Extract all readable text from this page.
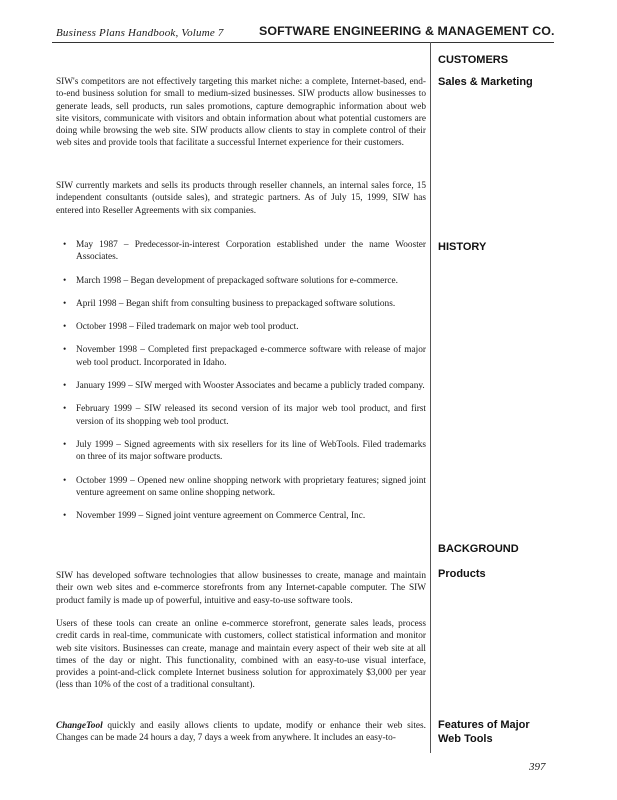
Business Plans Handbook, Volume 7	SOFTWARE ENGINEERING & MANAGEMENT CO.
CUSTOMERS
Sales & Marketing
HISTORY
BACKGROUND
Products
Features of Major
Web Tools

SIW's competitors are not effectively targeting this market niche: a complete, Internet-based, end-to-end business solution for small to medium-sized businesses. SIW products allow businesses to generate leads, sell products, run sales promotions, capture demographic information about web site visitors, communicate with visitors and obtain information about what potential customers are doing while browsing the web site. SIW products allow clients to stay in complete control of their web sites and provide tools that facilitate a successful Internet experience for their customers.

SIW currently markets and sells its products through reseller channels, an internal sales force, 15 independent consultants (outside sales), and strategic partners. As of July 15, 1999, SIW has entered into Reseller Agreements with six companies.

• May 1987 – Predecessor-in-interest Corporation established under the name Wooster Associates.
• March 1998 – Began development of prepackaged software solutions for e-commerce.
• April 1998 – Began shift from consulting business to prepackaged software solutions.
• October 1998 – Filed trademark on major web tool product.
• November 1998 – Completed first prepackaged e-commerce software with release of major web tool product. Incorporated in Idaho.
• January 1999 – SIW merged with Wooster Associates and became a publicly traded company.
• February 1999 – SIW released its second version of its major web tool product, and first version of its shopping web tool product.
• July 1999 – Signed agreements with six resellers for its line of WebTools. Filed trademarks on three of its major software products.
• October 1999 – Opened new online shopping network with proprietary features; signed joint venture agreement on same online shopping network.
• November 1999 – Signed joint venture agreement on Commerce Central, Inc.

SIW has developed software technologies that allow businesses to create, manage and maintain their own web sites and e-commerce storefronts from any Internet-capable computer. The SIW product family is made up of powerful, intuitive and easy-to-use software tools.

Users of these tools can create an online e-commerce storefront, generate sales leads, process credit cards in real-time, communicate with customers, collect statistical information and monitor web site visitors. Businesses can create, manage and maintain every aspect of their web site at all times of the day or night. This functionality, combined with an easy-to-use visual interface, provides a point-and-click complete Internet business solution for approximately $3,000 per year (less than 10% of the cost of a traditional consultant).

ChangeTool quickly and easily allows clients to update, modify or enhance their web sites. Changes can be made 24 hours a day, 7 days a week from anywhere. It includes an easy-to-

397
